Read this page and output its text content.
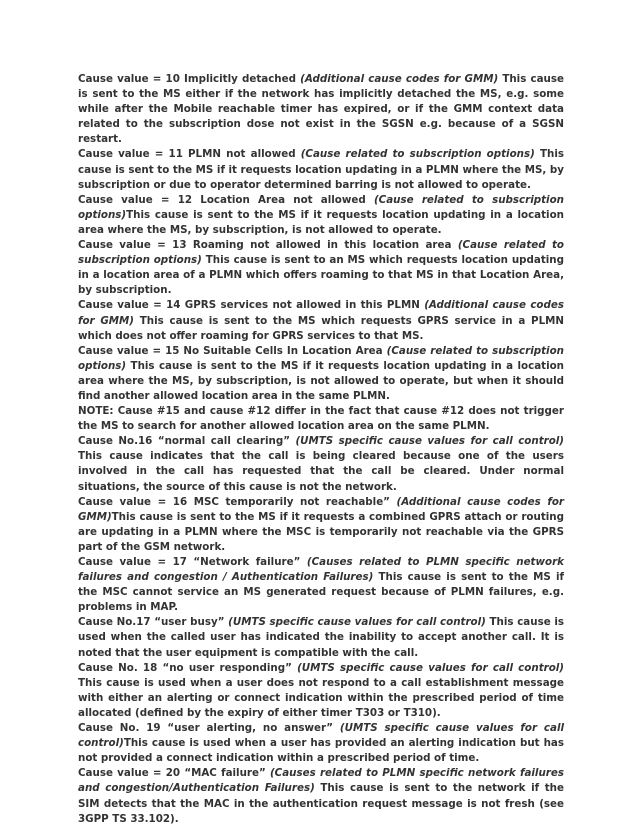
Cause value = 10 Implicitly detached (Additional cause codes for GMM) This cause is sent to the MS either if the network has implicitly detached the MS, e.g. some while after the Mobile reachable timer has expired, or if the GMM context data related to the subscription dose not exist in the SGSN e.g. because of a SGSN restart.

Cause value = 11 PLMN not allowed (Cause related to subscription options) This cause is sent to the MS if it requests location updating in a PLMN where the MS, by subscription or due to operator determined barring is not allowed to operate.

Cause value = 12 Location Area not allowed (Cause related to subscription options)This cause is sent to the MS if it requests location updating in a location area where the MS, by subscription, is not allowed to operate.

Cause value = 13 Roaming not allowed in this location area (Cause related to subscription options) This cause is sent to an MS which requests location updating in a location area of a PLMN which offers roaming to that MS in that Location Area, by subscription.

Cause value = 14 GPRS services not allowed in this PLMN (Additional cause codes for GMM) This cause is sent to the MS which requests GPRS service in a PLMN which does not offer roaming for GPRS services to that MS.

Cause value = 15 No Suitable Cells In Location Area (Cause related to subscription options) This cause is sent to the MS if it requests location updating in a location area where the MS, by subscription, is not allowed to operate, but when it should find another allowed location area in the same PLMN.

NOTE: Cause #15 and cause #12 differ in the fact that cause #12 does not trigger the MS to search for another allowed location area on the same PLMN.

Cause No.16 “normal call clearing” (UMTS specific cause values for call control) This cause indicates that the call is being cleared because one of the users involved in the call has requested that the call be cleared. Under normal situations, the source of this cause is not the network.

Cause value = 16 MSC temporarily not reachable” (Additional cause codes for GMM)This cause is sent to the MS if it requests a combined GPRS attach or routing are updating in a PLMN where the MSC is temporarily not reachable via the GPRS part of the GSM network.

Cause value = 17 “Network failure” (Causes related to PLMN specific network failures and congestion / Authentication Failures) This cause is sent to the MS if the MSC cannot service an MS generated request because of PLMN failures, e.g. problems in MAP.

Cause No.17 “user busy” (UMTS specific cause values for call control) This cause is used when the called user has indicated the inability to accept another call. It is noted that the user equipment is compatible with the call.

Cause No. 18 “no user responding” (UMTS specific cause values for call control) This cause is used when a user does not respond to a call establishment message with either an alerting or connect indication within the prescribed period of time allocated (defined by the expiry of either timer T303 or T310).

Cause No. 19 “user alerting, no answer” (UMTS specific cause values for call control)This cause is used when a user has provided an alerting indication but has not provided a connect indication within a prescribed period of time.

Cause value = 20 “MAC failure” (Causes related to PLMN specific network failures and congestion/Authentication Failures) This cause is sent to the network if the SIM detects that the MAC in the authentication request message is not fresh (see 3GPP TS 33.102).
